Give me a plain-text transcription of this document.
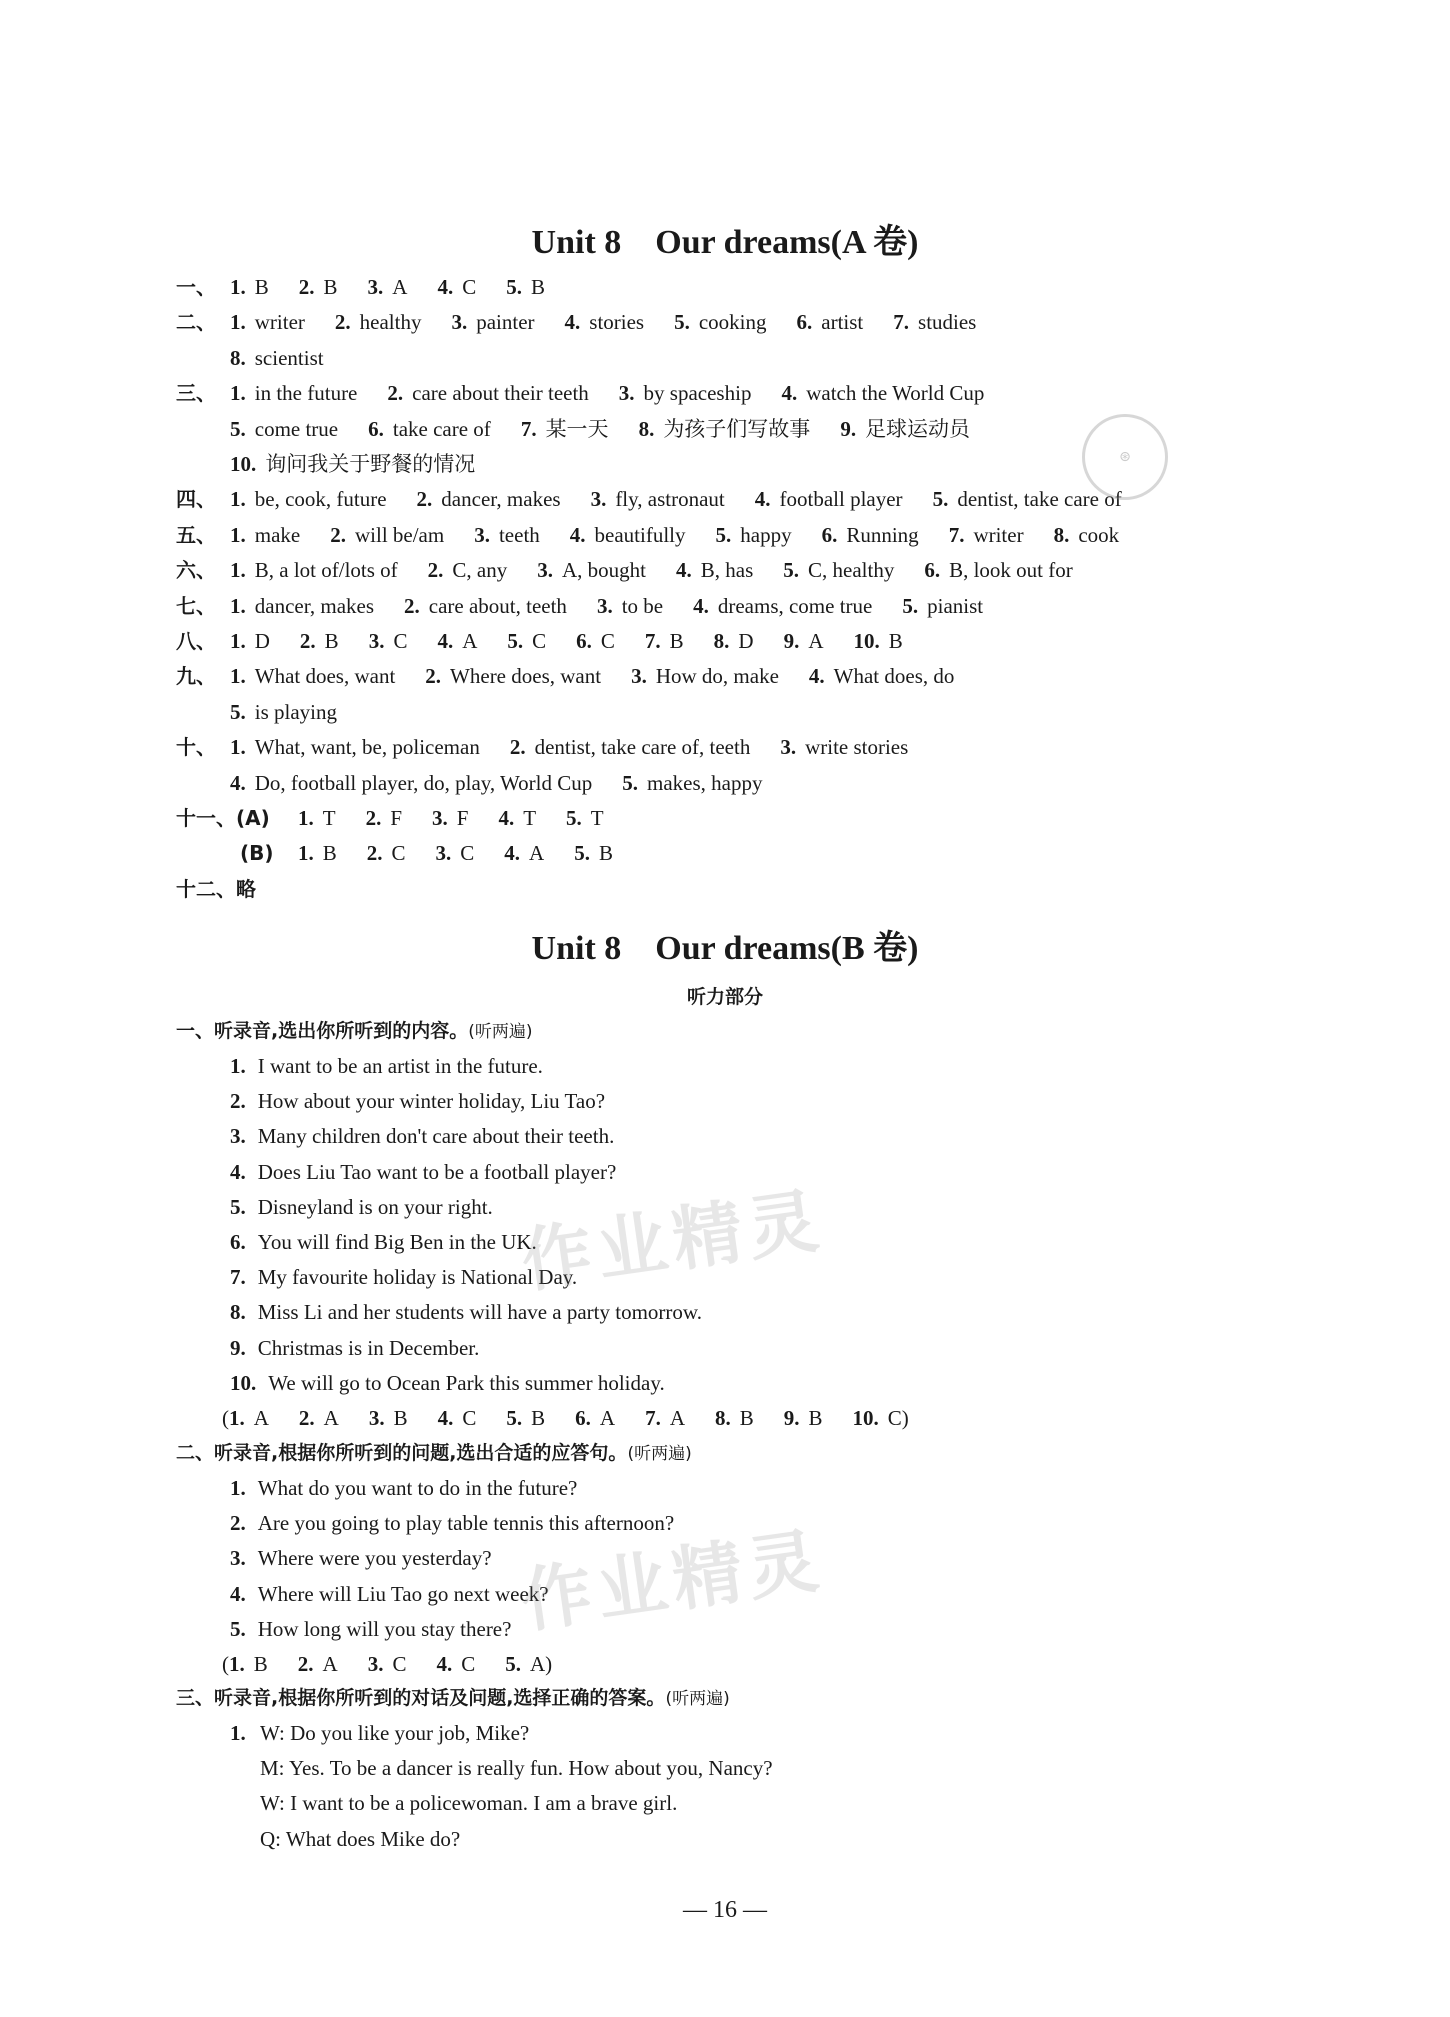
Unit 8　Our dreams(A 卷)
一、 1. B 2. B 3. A 4. C 5. B
二、 1. writer 2. healthy 3. painter 4. stories 5. cooking 6. artist 7. studies
8. scientist
三、 1. in the future 2. care about their teeth 3. by spaceship 4. watch the World Cup
5. come true 6. take care of 7. 某一天 8. 为孩子们写故事 9. 足球运动员
10. 询问我关于野餐的情况
四、 1. be, cook, future 2. dancer, makes 3. fly, astronaut 4. football player 5. dentist, take care of
五、 1. make 2. will be/am 3. teeth 4. beautifully 5. happy 6. Running 7. writer 8. cook
六、 1. B, a lot of/lots of 2. C, any 3. A, bought 4. B, has 5. C, healthy 6. B, look out for
七、 1. dancer, makes 2. care about, teeth 3. to be 4. dreams, come true 5. pianist
八、 1. D 2. B 3. C 4. A 5. C 6. C 7. B 8. D 9. A 10. B
九、 1. What does, want 2. Where does, want 3. How do, make 4. What does, do
5. is playing
十、 1. What, want, be, policeman 2. dentist, take care of, teeth 3. write stories
4. Do, football player, do, play, World Cup 5. makes, happy
十一、(A) 1. T 2. F 3. F 4. T 5. T
(B) 1. B 2. C 3. C 4. A 5. B
十二、略
Unit 8　Our dreams(B 卷)
听力部分
一、听录音,选出你所听到的内容。(听两遍)
1. I want to be an artist in the future.
2. How about your winter holiday, Liu Tao?
3. Many children don't care about their teeth.
4. Does Liu Tao want to be a football player?
5. Disneyland is on your right.
6. You will find Big Ben in the UK.
7. My favourite holiday is National Day.
8. Miss Li and her students will have a party tomorrow.
9. Christmas is in December.
10. We will go to Ocean Park this summer holiday.
(1. A 2. A 3. B 4. C 5. B 6. A 7. A 8. B 9. B 10. C)
二、听录音,根据你所听到的问题,选出合适的应答句。(听两遍)
1. What do you want to do in the future?
2. Are you going to play table tennis this afternoon?
3. Where were you yesterday?
4. Where will Liu Tao go next week?
5. How long will you stay there?
(1. B 2. A 3. C 4. C 5. A)
三、听录音,根据你所听到的对话及问题,选择正确的答案。(听两遍)
1. W: Do you like your job, Mike?
M: Yes. To be a dancer is really fun. How about you, Nancy?
W: I want to be a policewoman. I am a brave girl.
Q: What does Mike do?
— 16 —
作业精灵
作业精灵
⊛
